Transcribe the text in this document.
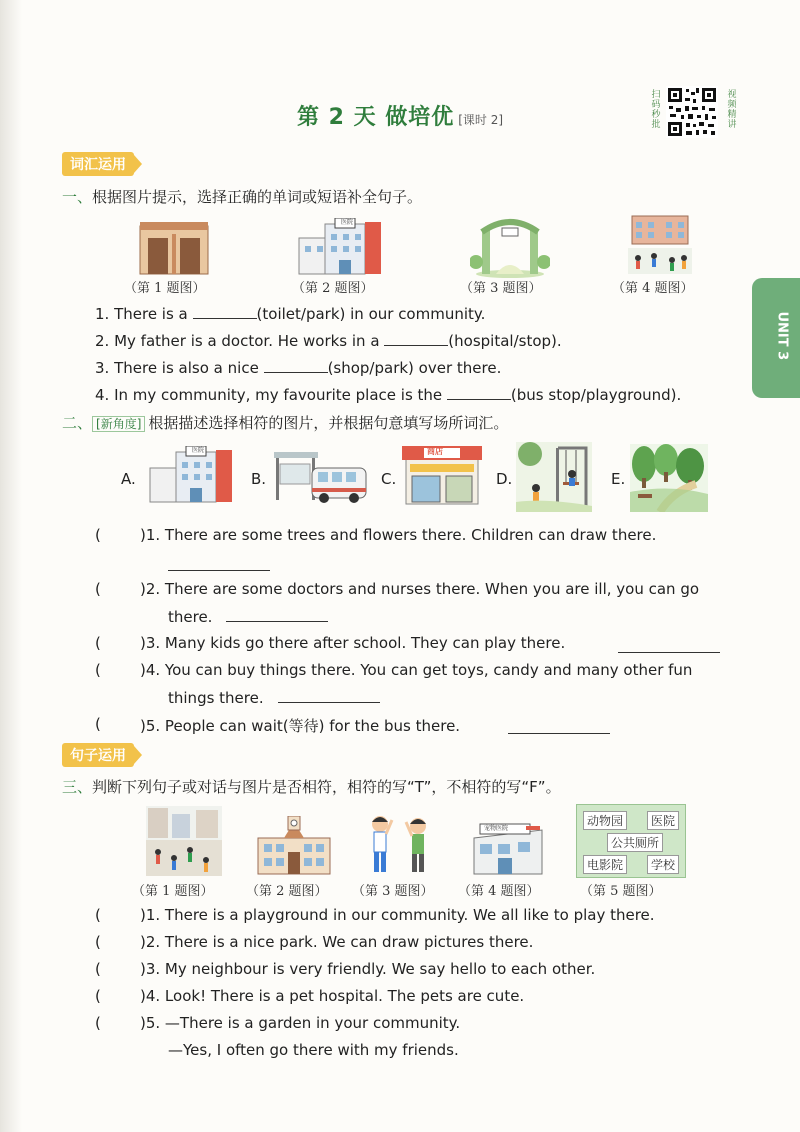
第 2 天 做培优 [课时 2]
扫码秒批
视频精讲
UNIT 3
词汇运用
一、根据图片提示，选择正确的单词或短语补全句子。
医院
（第 1 题图）	（第 2 题图）	（第 3 题图）	（第 4 题图）
1. There is a	(toilet/park) in our community.
2. My father is a doctor. He works in a	(hospital/stop).
3. There is also a nice	(shop/park) over there.
4. In my community, my favourite place is the	(bus stop/playground).
二、 [新角度] 根据描述选择相符的图片，并根据句意填写场所词汇。
A.
医院
B.	C.
商店
D.	E.
(	)1. There are some trees and flowers there. Children can draw there.
(	)2. There are some doctors and nurses there. When you are ill, you can go
there.
(	)3. Many kids go there after school. They can play there.
(	)4. You can buy things there. You can get toys, candy and many other fun
things there.
(	)5. People can wait(等待) for the bus there.
句子运用
三、判断下列句子或对话与图片是否相符，相符的写“T”，不相符的写“F”。
宠物医院
动物园	医院
公共厕所
电影院	学校
（第 1 题图） （第 2 题图） （第 3 题图） （第 4 题图）	（第 5 题图）
(	)1. There is a playground in our community. We all like to play there.
(	)2. There is a nice park. We can draw pictures there.
(	)3. My neighbour is very friendly. We say hello to each other.
(	)4. Look! There is a pet hospital. The pets are cute.
(	)5. —There is a garden in your community.
—Yes, I often go there with my friends.
